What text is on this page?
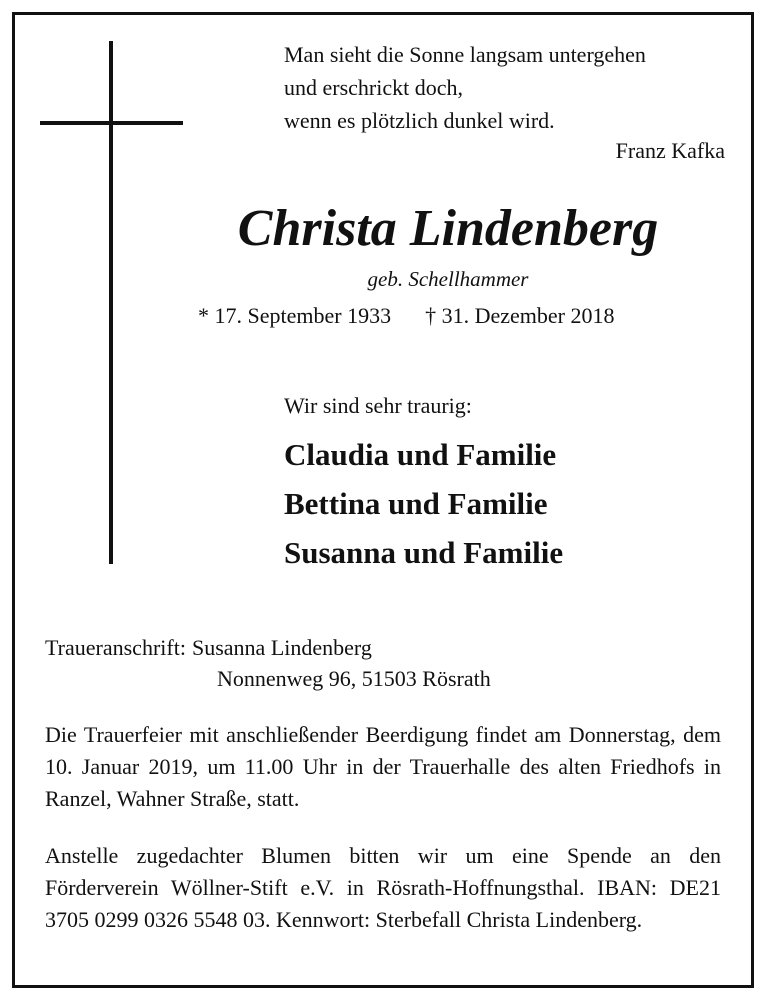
Man sieht die Sonne langsam untergehen
und erschrickt doch,
wenn es plötzlich dunkel wird.
Franz Kafka
Christa Lindenberg
geb. Schellhammer
* 17. September 1933 † 31. Dezember 2018
Wir sind sehr traurig:
Claudia und Familie
Bettina und Familie
Susanna und Familie
Traueranschrift: Susanna Lindenberg
Nonnenweg 96, 51503 Rösrath
Die Trauerfeier mit anschließender Beerdigung findet am Donnerstag, dem 10. Januar 2019, um 11.00 Uhr in der Trauerhalle des alten Friedhofs in Ranzel, Wahner Straße, statt.
Anstelle zugedachter Blumen bitten wir um eine Spende an den Förderverein Wöllner-Stift e.V. in Rösrath-Hoffnungsthal. IBAN: DE21 3705 0299 0326 5548 03. Kennwort: Sterbefall Christa Lindenberg.
